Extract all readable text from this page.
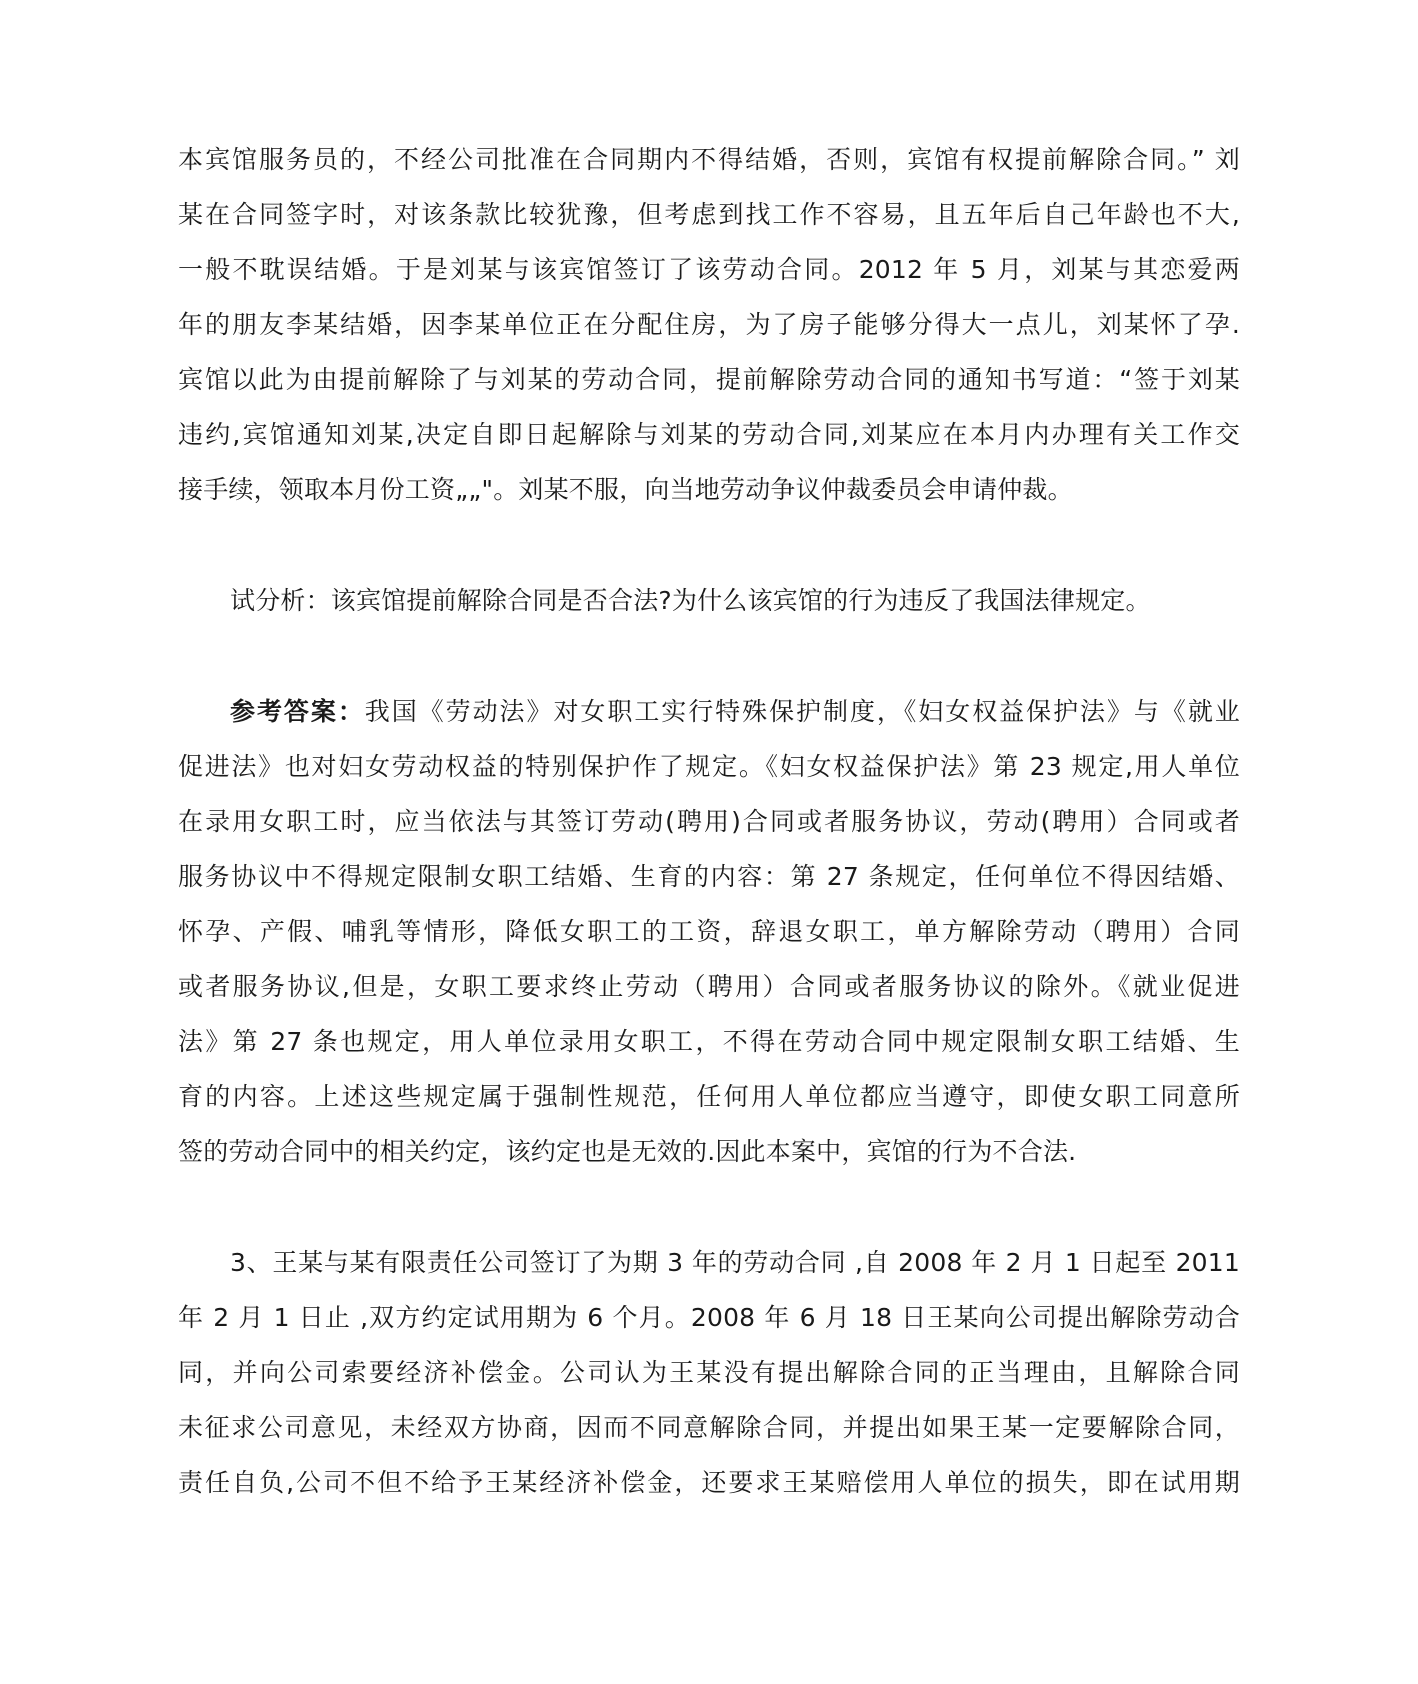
本宾馆服务员的，不经公司批准在合同期内不得结婚，否则，宾馆有权提前解除合同。” 刘
某在合同签字时，对该条款比较犹豫，但考虑到找工作不容易，且五年后自己年龄也不大,
一般不耽误结婚。于是刘某与该宾馆签订了该劳动合同。2012 年 5 月，刘某与其恋爱两
年的朋友李某结婚，因李某单位正在分配住房，为了房子能够分得大一点儿，刘某怀了孕.
宾馆以此为由提前解除了与刘某的劳动合同，提前解除劳动合同的通知书写道：“签于刘某
违约,宾馆通知刘某,决定自即日起解除与刘某的劳动合同,刘某应在本月内办理有关工作交
接手续，领取本月份工资„„"。刘某不服，向当地劳动争议仲裁委员会申请仲裁。
试分析：该宾馆提前解除合同是否合法?为什么该宾馆的行为违反了我国法律规定。
参考答案：我国《劳动法》对女职工实行特殊保护制度，《妇女权益保护法》与《就业
促进法》也对妇女劳动权益的特别保护作了规定。《妇女权益保护法》第 23 规定,用人单位
在录用女职工时，应当依法与其签订劳动(聘用)合同或者服务协议，劳动(聘用）合同或者
服务协议中不得规定限制女职工结婚、生育的内容：第 27 条规定，任何单位不得因结婚、
怀孕、产假、哺乳等情形，降低女职工的工资，辞退女职工，单方解除劳动（聘用）合同
或者服务协议,但是，女职工要求终止劳动（聘用）合同或者服务协议的除外。《就业促进
法》第 27 条也规定，用人单位录用女职工，不得在劳动合同中规定限制女职工结婚、生
育的内容。上述这些规定属于强制性规范，任何用人单位都应当遵守，即使女职工同意所
签的劳动合同中的相关约定，该约定也是无效的.因此本案中，宾馆的行为不合法.
3、王某与某有限责任公司签订了为期 3 年的劳动合同 ,自 2008 年 2 月 1 日起至 2011
年 2 月 1 日止 ,双方约定试用期为 6 个月。2008 年 6 月 18 日王某向公司提出解除劳动合
同，并向公司索要经济补偿金。公司认为王某没有提出解除合同的正当理由，且解除合同
未征求公司意见，未经双方协商，因而不同意解除合同，并提出如果王某一定要解除合同，
责任自负,公司不但不给予王某经济补偿金，还要求王某赔偿用人单位的损失，即在试用期
